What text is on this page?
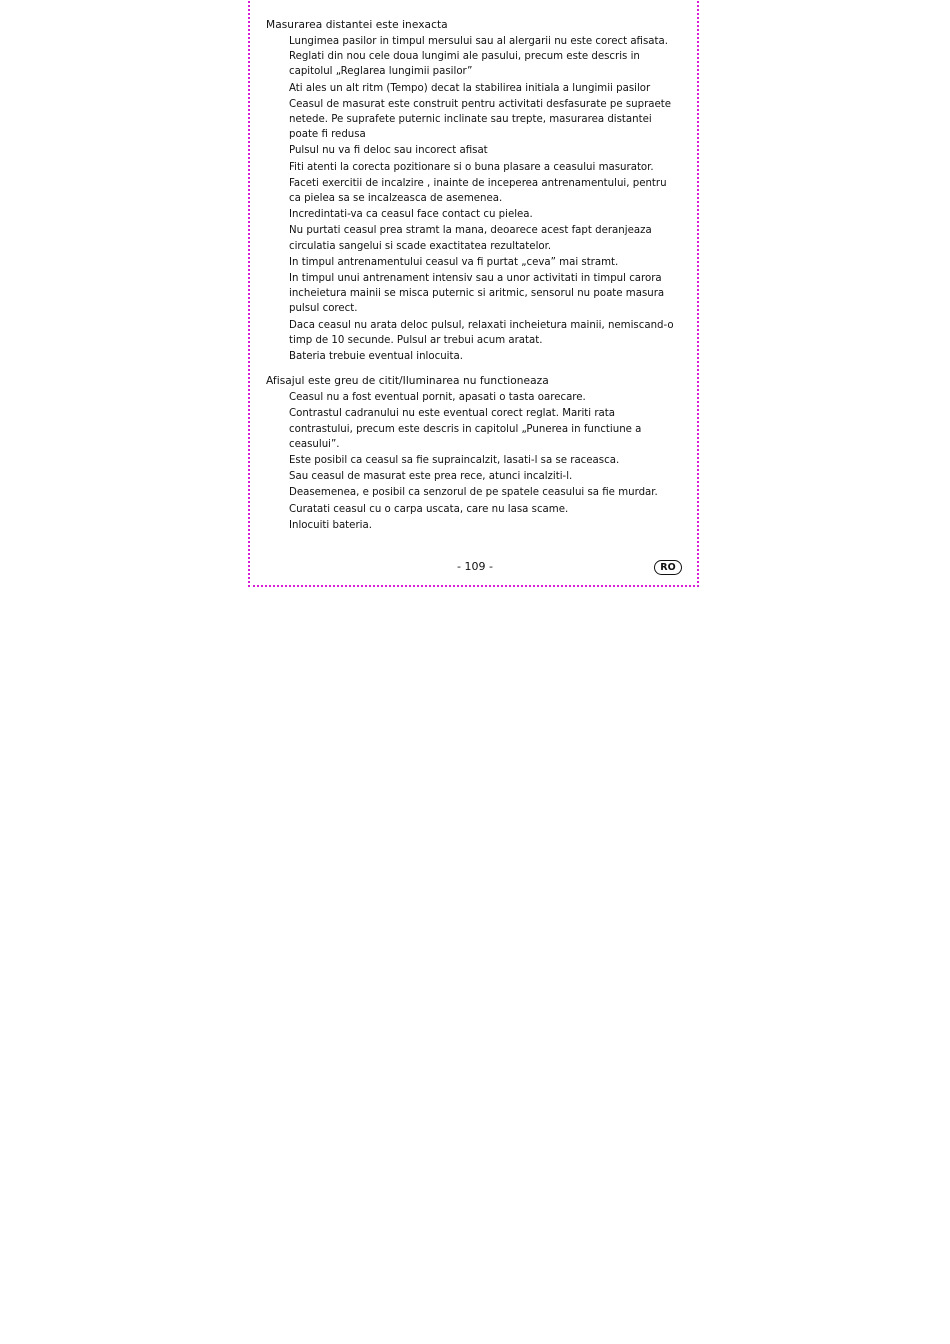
Masurarea distantei este inexacta
Lungimea pasilor in timpul mersului sau al alergarii nu este corect afisata. Reglati din nou cele doua lungimi ale pasului, precum este descris in capitolul „Reglarea lungimii pasilor”
Ati ales un alt ritm (Tempo) decat la stabilirea initiala a lungimii pasilor
Ceasul de masurat este construit pentru activitati desfasurate pe supraete netede. Pe suprafete puternic inclinate sau trepte, masurarea distantei poate fi redusa
Pulsul nu va fi deloc sau incorect afisat
Fiti atenti la corecta pozitionare si o buna plasare a ceasului masurator.
Faceti exercitii de incalzire , inainte de inceperea antrenamentului, pentru ca pielea sa se incalzeasca de asemenea.
Incredintati-va ca ceasul face contact cu pielea.
Nu purtati ceasul prea stramt la mana, deoarece acest fapt deranjeaza circulatia sangelui si scade exactitatea rezultatelor.
In timpul antrenamentului ceasul va fi purtat „ceva” mai stramt.
In timpul unui antrenament intensiv sau a unor activitati in timpul carora incheietura mainii se misca puternic si aritmic, sensorul nu poate masura pulsul corect.
Daca ceasul nu arata deloc pulsul, relaxati incheietura mainii, nemiscand-o timp de 10 secunde. Pulsul ar trebui acum aratat.
Bateria trebuie eventual inlocuita.
Afisajul este greu de citit/Iluminarea nu functioneaza
Ceasul nu a fost eventual pornit, apasati o tasta oarecare.
Contrastul cadranului nu este eventual corect reglat. Mariti rata contrastului, precum este descris in capitolul „Punerea in functiune a ceasului”.
Este posibil ca ceasul sa fie supraincalzit, lasati-l sa se raceasca.
Sau ceasul de masurat este prea rece, atunci incalziti-l.
Deasemenea, e posibil ca senzorul de pe spatele ceasului sa fie murdar.
Curatati ceasul cu o carpa uscata, care nu lasa scame.
Inlocuiti bateria.
- 109 -	RO
